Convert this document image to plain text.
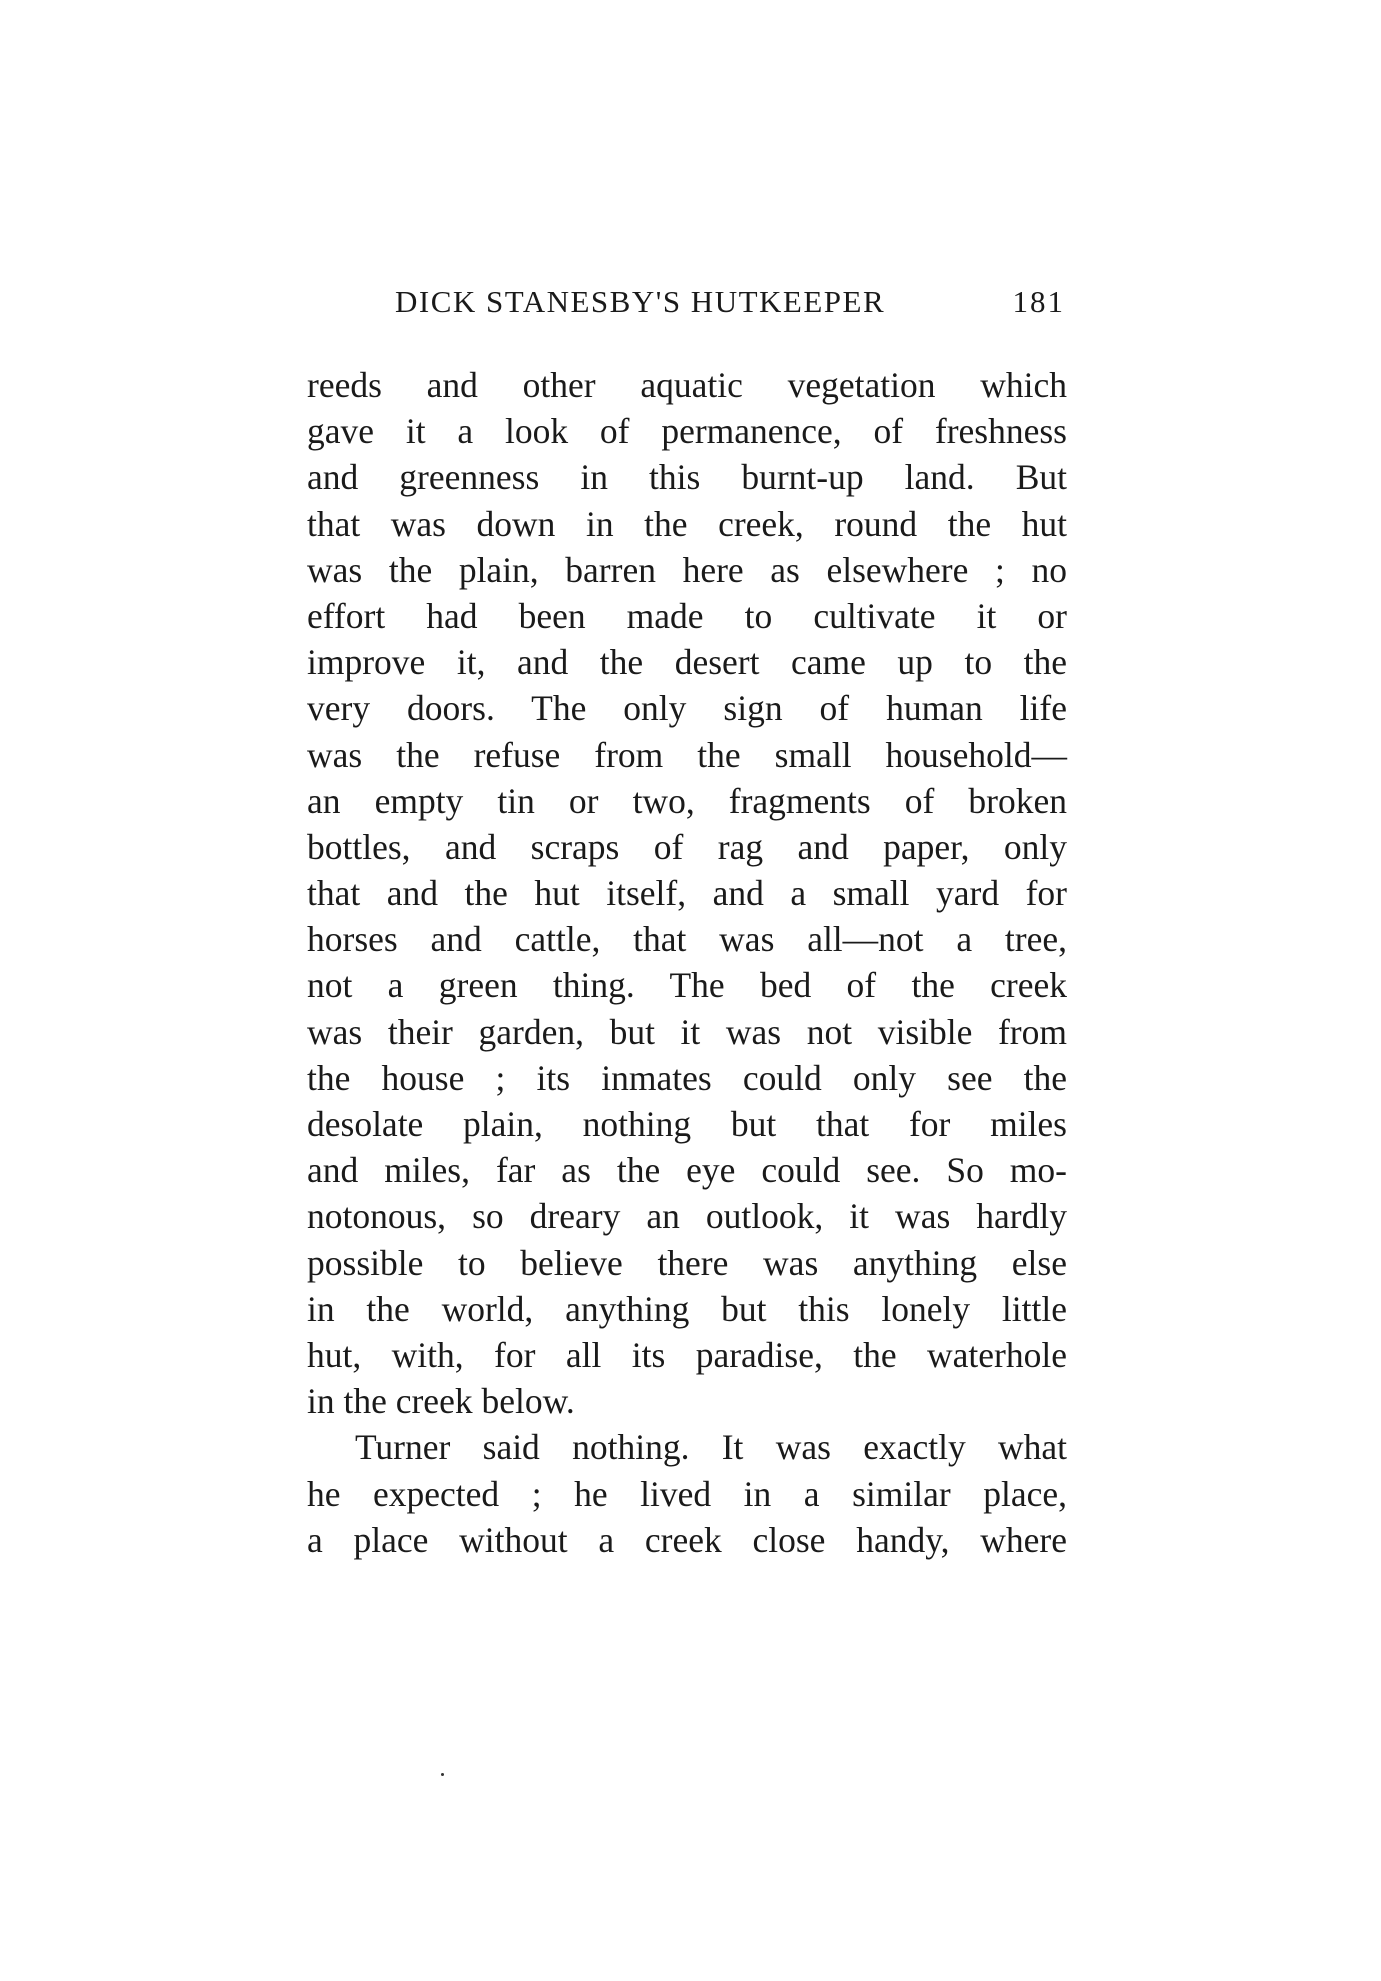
DICK STANESBY'S HUTKEEPER	181
reeds and other aquatic vegetation which
gave it a look of permanence, of freshness
and greenness in this burnt-up land. But
that was down in the creek, round the hut
was the plain, barren here as elsewhere ; no
effort had been made to cultivate it or
improve it, and the desert came up to the
very doors. The only sign of human life
was the refuse from the small household—
an empty tin or two, fragments of broken
bottles, and scraps of rag and paper, only
that and the hut itself, and a small yard for
horses and cattle, that was all—not a tree,
not a green thing. The bed of the creek
was their garden, but it was not visible from
the house ; its inmates could only see the
desolate plain, nothing but that for miles
and miles, far as the eye could see. So mo-
notonous, so dreary an outlook, it was hardly
possible to believe there was anything else
in the world, anything but this lonely little
hut, with, for all its paradise, the waterhole
in the creek below.
Turner said nothing. It was exactly what
he expected ; he lived in a similar place,
a place without a creek close handy, where
